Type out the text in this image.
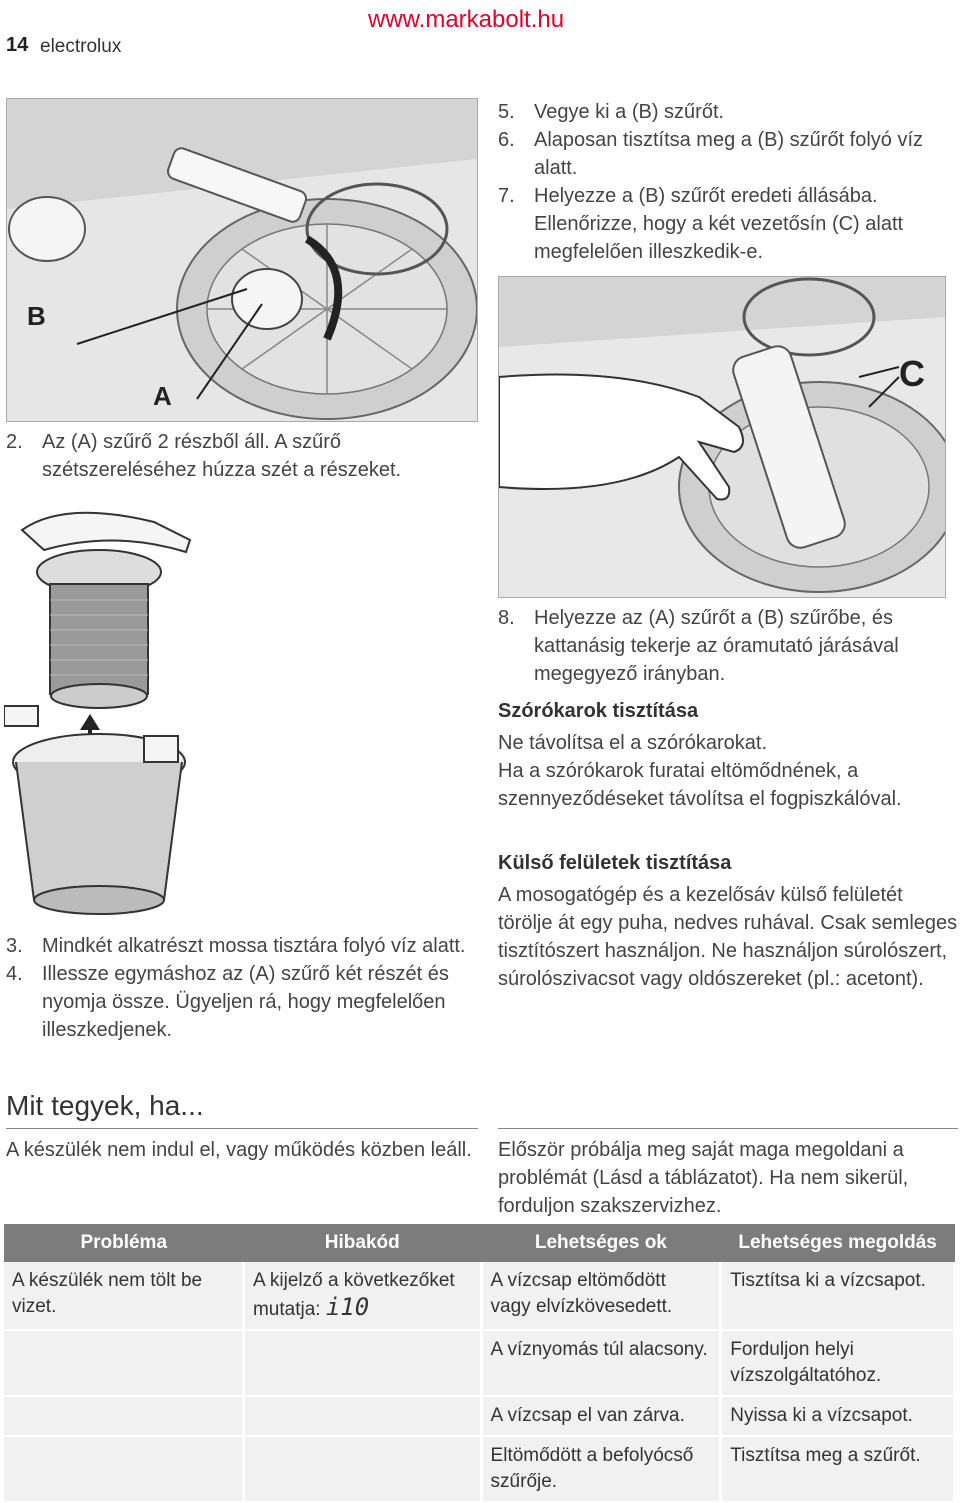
14 electrolux
www.markabolt.hu
B
A
2. Az (A) szűrő 2 részből áll. A szűrő szétszereléséhez húzza szét a részeket.
3. Mindkét alkatrészt mossa tisztára folyó víz alatt.
4. Illessze egymáshoz az (A) szűrő két részét és nyomja össze. Ügyeljen rá, hogy megfelelően illeszkedjenek.
5. Vegye ki a (B) szűrőt.
6. Alaposan tisztítsa meg a (B) szűrőt folyó víz alatt.
7. Helyezze a (B) szűrőt eredeti állásába. Ellenőrizze, hogy a két vezetősín (C) alatt megfelelően illeszkedik-e.
C
8. Helyezze az (A) szűrőt a (B) szűrőbe, és kattanásig tekerje az óramutató járásával megegyező irányban.
Szórókarok tisztítása
Ne távolítsa el a szórókarokat.
Ha a szórókarok furatai eltömődnének, a szennyeződéseket távolítsa el fogpiszkálóval.
Külső felületek tisztítása
A mosogatógép és a kezelősáv külső felületét törölje át egy puha, nedves ruhával. Csak semleges tisztítószert használjon. Ne használjon súrolószert, súrolószivacsot vagy oldószereket (pl.: acetont).
Mit tegyek, ha...
A készülék nem indul el, vagy működés közben leáll. Először próbálja meg saját maga megoldani a problémát (Lásd a táblázatot). Ha nem sikerül, forduljon szakszervizhez.
Probléma	Hibakód	Lehetséges ok	Lehetséges megoldás
A készülék nem tölt be vizet.	A kijelző a következőket mutatja: i10	A vízcsap eltömődött vagy elvízkövesedett.	Tisztítsa ki a vízcsapot.
		A víznyomás túl alacsony.	Forduljon helyi vízszolgáltatóhoz.
		A vízcsap el van zárva.	Nyissa ki a vízcsapot.
		Eltömődött a befolyócső szűrője.	Tisztítsa meg a szűrőt.
